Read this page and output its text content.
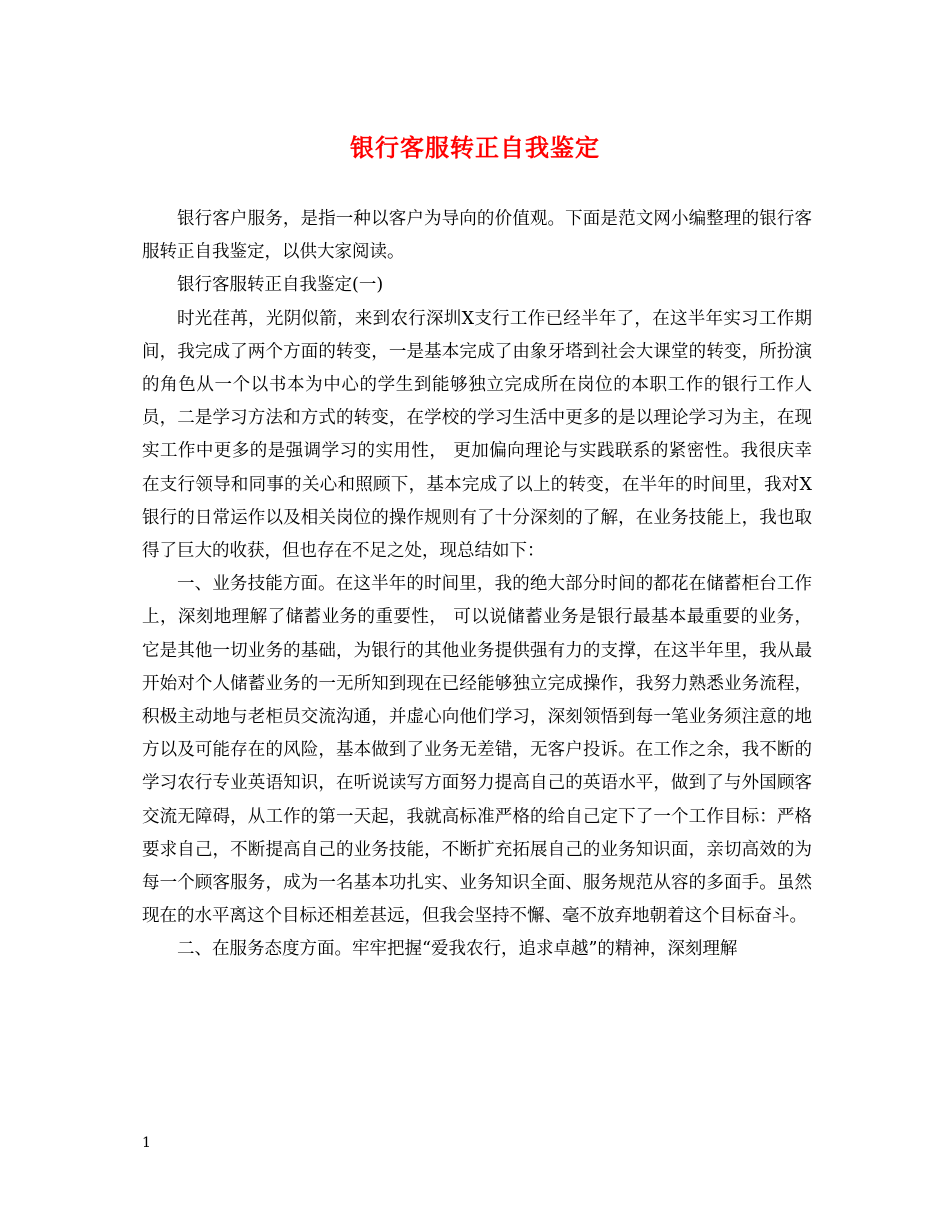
银行客服转正自我鉴定

银行客户服务，是指一种以客户为导向的价值观。下面是范文网小编整理的银行客服转正自我鉴定，以供大家阅读。

银行客服转正自我鉴定(一)

时光荏苒，光阴似箭，来到农行深圳X支行工作已经半年了，在这半年实习工作期间，我完成了两个方面的转变，一是基本完成了由象牙塔到社会大课堂的转变，所扮演的角色从一个以书本为中心的学生到能够独立完成所在岗位的本职工作的银行工作人员，二是学习方法和方式的转变，在学校的学习生活中更多的是以理论学习为主，在现实工作中更多的是强调学习的实用性， 更加偏向理论与实践联系的紧密性。我很庆幸在支行领导和同事的关心和照顾下，基本完成了以上的转变，在半年的时间里，我对X银行的日常运作以及相关岗位的操作规则有了十分深刻的了解，在业务技能上，我也取得了巨大的收获，但也存在不足之处，现总结如下：

一、业务技能方面。在这半年的时间里，我的绝大部分时间的都花在储蓄柜台工作上，深刻地理解了储蓄业务的重要性， 可以说储蓄业务是银行最基本最重要的业务，它是其他一切业务的基础，为银行的其他业务提供强有力的支撑，在这半年里，我从最开始对个人储蓄业务的一无所知到现在已经能够独立完成操作，我努力熟悉业务流程，积极主动地与老柜员交流沟通，并虚心向他们学习，深刻领悟到每一笔业务须注意的地方以及可能存在的风险，基本做到了业务无差错，无客户投诉。在工作之余，我不断的学习农行专业英语知识，在听说读写方面努力提高自己的英语水平，做到了与外国顾客交流无障碍，从工作的第一天起，我就高标准严格的给自己定下了一个工作目标：严格要求自己，不断提高自己的业务技能，不断扩充拓展自己的业务知识面，亲切高效的为每一个顾客服务，成为一名基本功扎实、业务知识全面、服务规范从容的多面手。虽然现在的水平离这个目标还相差甚远，但我会坚持不懈、毫不放弃地朝着这个目标奋斗。

二、在服务态度方面。牢牢把握“爱我农行，追求卓越”的精神，深刻理解

1
